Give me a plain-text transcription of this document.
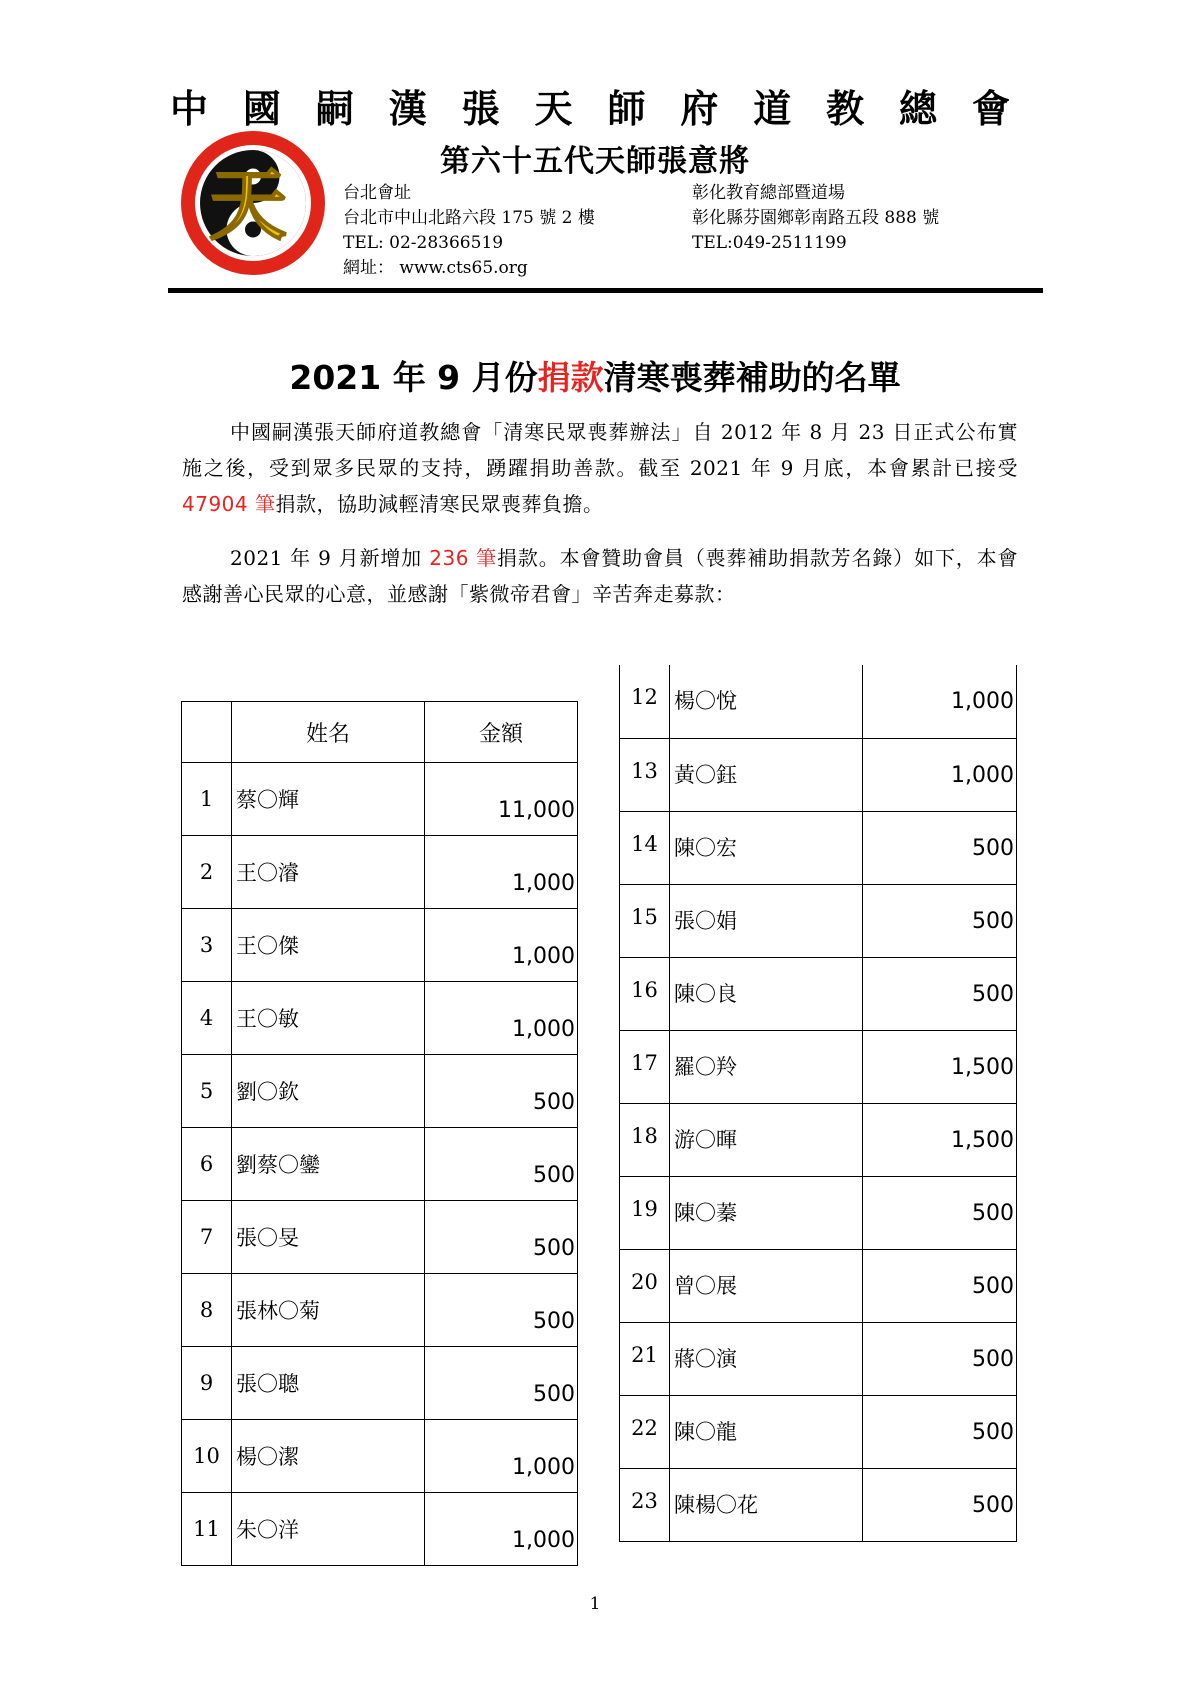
中 國 嗣 漢 張 天 師 府 道 教 總 會
天	第六十五代天師張意將
台北會址
台北市中山北路六段 175 號 2 樓
TEL: 02-28366519
網址： www.cts65.org
彰化教育總部暨道場
彰化縣芬園鄉彰南路五段 888 號
TEL:049-2511199
2021 年 9 月份捐款清寒喪葬補助的名單
中國嗣漢張天師府道教總會「清寒民眾喪葬辦法」自 2012 年 8 月 23 日正式公布實施之後，受到眾多民眾的支持，踴躍捐助善款。截至 2021 年 9 月底，本會累計已接受 47904 筆捐款，協助減輕清寒民眾喪葬負擔。
2021 年 9 月新增加 236 筆捐款。本會贊助會員（喪葬補助捐款芳名錄）如下，本會感謝善心民眾的心意，並感謝「紫微帝君會」辛苦奔走募款：
	姓名	金額
1	蔡〇輝	11,000
2	王〇濬	1,000
3	王〇傑	1,000
4	王〇敏	1,000
5	劉〇欽	500
6	劉蔡〇鑾	500
7	張〇旻	500
8	張林〇菊	500
9	張〇聰	500
10	楊〇潔	1,000
11	朱〇洋	1,000
12	楊〇悅	1,000
13	黃〇鈺	1,000
14	陳〇宏	500
15	張〇娟	500
16	陳〇良	500
17	羅〇羚	1,500
18	游〇暉	1,500
19	陳〇蓁	500
20	曾〇展	500
21	蔣〇演	500
22	陳〇龍	500
23	陳楊〇花	500
1
